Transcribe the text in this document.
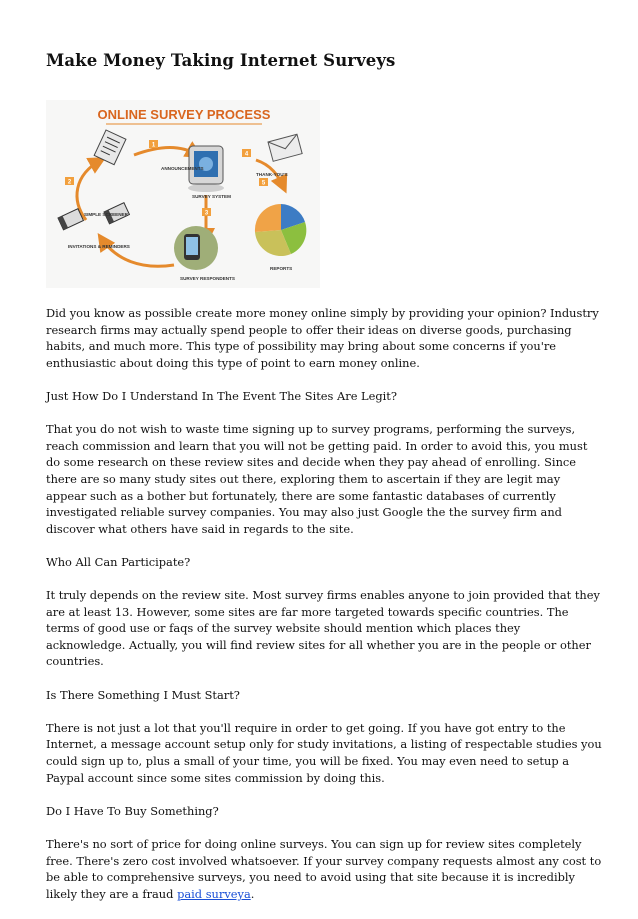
Make Money Taking Internet Surveys
ONLINE SURVEY PROCESS
1
2
3
4
5
ANNOUNCEMENTS
SURVEY SYSTEM
THANK-YOU'S
SIMPLE SCREENER
INVITATIONS & REMINDERS
REPORTS
SURVEY RESPONDENTS

Did you know as possible create more money online simply by providing your opinion? Industry research firms may actually spend people to offer their ideas on diverse goods, purchasing habits, and much more. This type of possibility may bring about some concerns if you're enthusiastic about doing this type of point to earn money online.

Just How Do I Understand In The Event The Sites Are Legit?

That you do not wish to waste time signing up to survey programs, performing the surveys, reach commission and learn that you will not be getting paid. In order to avoid this, you must do some research on these review sites and decide when they pay ahead of enrolling. Since there are so many study sites out there, exploring them to ascertain if they are legit may appear such as a bother but fortunately, there are some fantastic databases of currently investigated reliable survey companies. You may also just Google the the survey firm and discover what others have said in regards to the site.

Who All Can Participate?

It truly depends on the review site. Most survey firms enables anyone to join provided that they are at least 13. However, some sites are far more targeted towards specific countries. The terms of good use or faqs of the survey website should mention which places they acknowledge. Actually, you will find review sites for all whether you are in the people or other countries.

Is There Something I Must Start?

There is not just a lot that you'll require in order to get going. If you have got entry to the Internet, a message account setup only for study invitations, a listing of respectable studies you could sign up to, plus a small of your time, you will be fixed. You may even need to setup a Paypal account since some sites commission by doing this.

Do I Have To Buy Something?

There's no sort of price for doing online surveys. You can sign up for review sites completely free. There's zero cost involved whatsoever. If your survey company requests almost any cost to be able to comprehensive surveys, you need to avoid using that site because it is incredibly likely they are a fraud paid surveya.
